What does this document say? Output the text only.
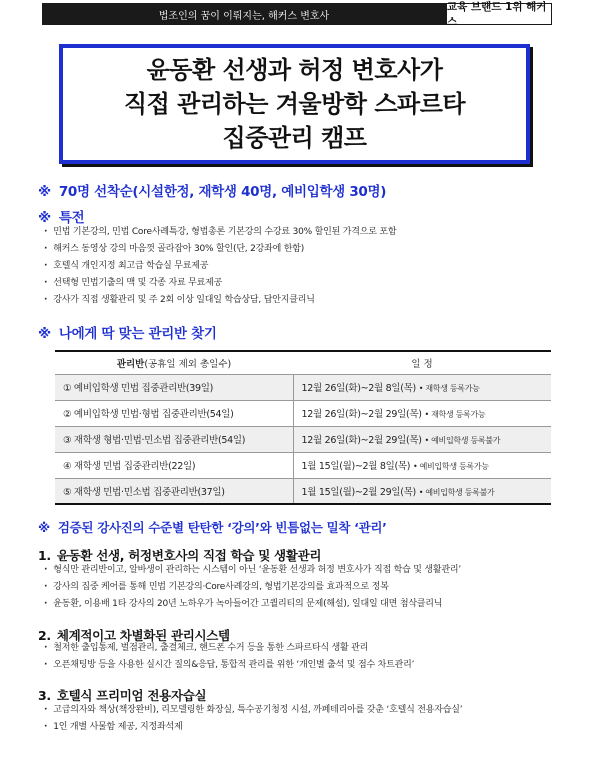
법조인의 꿈이 이뤄지는, 해커스 변호사
교육 브랜드 1위 해커스
윤동환 선생과 허정 변호사가
직접 관리하는 겨울방학 스파르타
집중관리 캠프
※ 70명 선착순(시설한정, 재학생 40명, 예비입학생 30명)
※ 특전
· 민법 기본강의, 민법 Core사례특강, 형법총론 기본강의 수강료 30% 할인된 가격으로 포함
· 해커스 동영상 강의 마음껏 골라잡아 30% 할인(단, 2강좌에 한함)
· 호텔식 개인지정 최고급 학습실 무료제공
· 선택형 민법기출의 맥 및 각종 자료 무료제공
· 강사가 직접 생활관리 및 주 2회 이상 일대일 학습상담, 답안지클리닉
※ 나에게 딱 맞는 관리반 찾기
관리반(공휴일 제외 총일수)	일 정
① 예비입학생 민법 집중관리반(39일)	12월 26일(화)~2월 8일(목) • 재학생 등록가능
② 예비입학생 민법·형법 집중관리반(54일)	12월 26일(화)~2월 29일(목) • 재학생 등록가능
③ 재학생 형법·민법·민소법 집중관리반(54일)	12월 26일(화)~2월 29일(목) • 예비입학생 등록불가
④ 재학생 민법 집중관리반(22일)	1월 15일(월)~2월 8일(목) • 예비입학생 등록가능
⑤ 재학생 민법·민소법 집중관리반(37일)	1월 15일(월)~2월 29일(목) • 예비입학생 등록불가
※ 검증된 강사진의 수준별 탄탄한 ‘강의’와 빈틈없는 밀착 ‘관리’
1. 윤동환 선생, 허정변호사의 직접 학습 및 생활관리
· 형식만 관리반이고, 알바생이 관리하는 시스템이 아닌 ‘윤동환 선생과 허정 변호사가 직접 학습 및 생활관리’
· 강사의 집중 케어를 통해 민법 기본강의·Core사례강의, 형법기본강의를 효과적으로 정복
· 윤동환, 이용배 1타 강사의 20년 노하우가 녹아들어간 고퀄리티의 문제(해설), 일대일 대면 첨삭클리닉
2. 체계적이고 차별화된 관리시스템
· 철저한 출입통제, 벌점관리, 출결체크, 핸드폰 수거 등을 통한 스파르타식 생활 관리
· 오픈채팅방 등을 사용한 실시간 질의&응답, 통합적 관리를 위한 ‘개인별 출석 및 점수 차트관리’
3. 호텔식 프리미엄 전용자습실
· 고급의자와 책상(책장완비), 리모델링한 화장실, 특수공기청정 시설, 까페테리아를 갖춘 ‘호텔식 전용자습실’
· 1인 개별 사물함 제공, 지정좌석제
